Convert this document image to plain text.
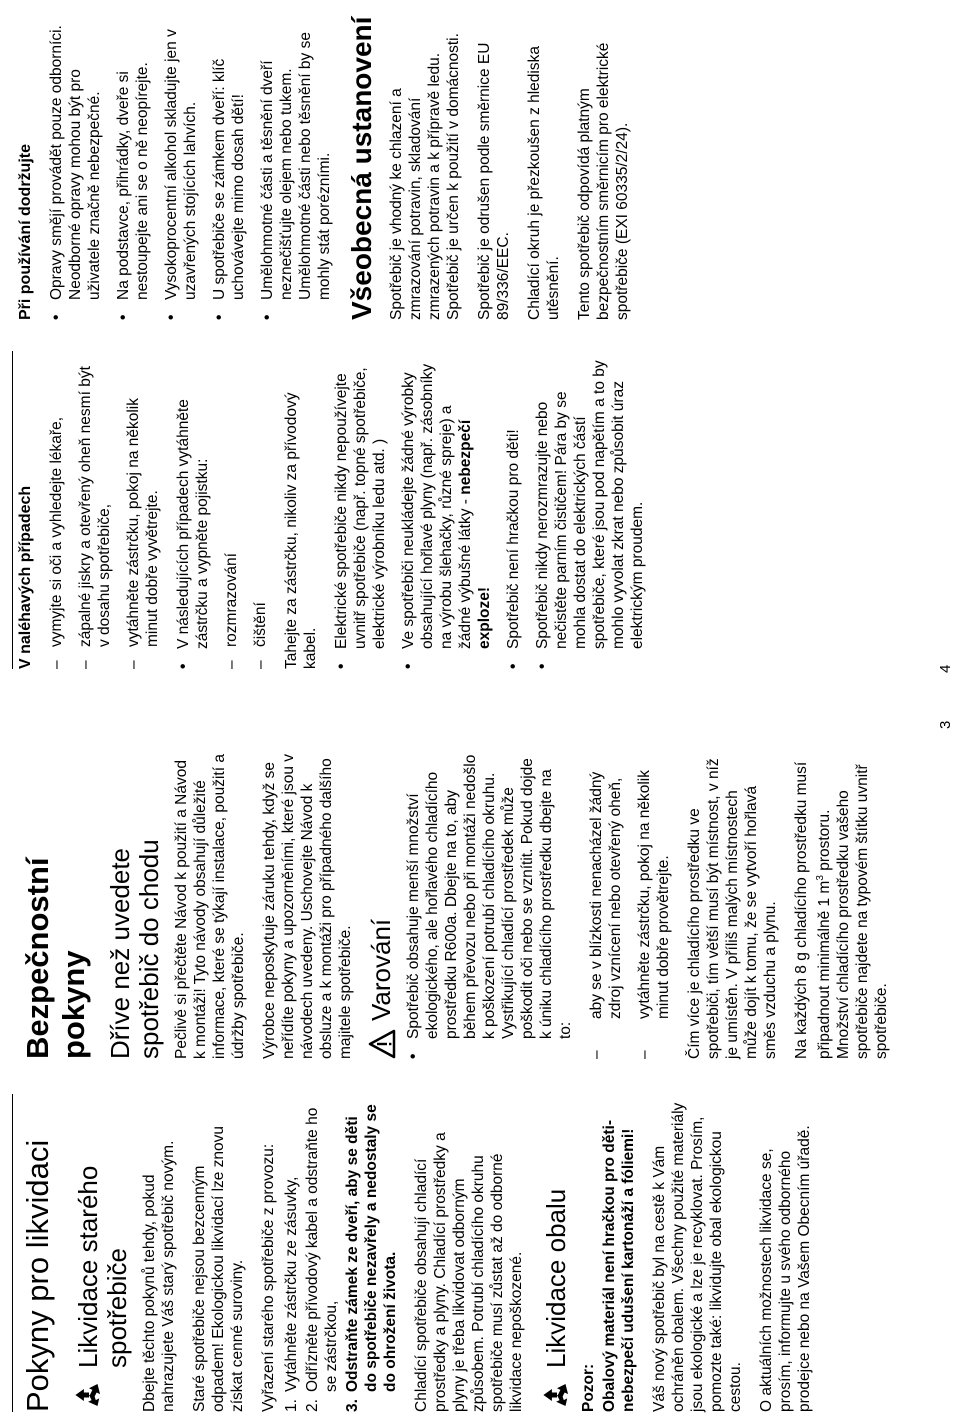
Pokyny pro likvidaci Likvidace starého spotřebiče Dbejte těchto pokynů tehdy, pokud nahrazujete Váš starý spotřebič novým. Staré spotřebiče nejsou bezcenným odpadem! Ekologickou likvidací lze znovu získat cenné suroviny. Vyřazení starého spotřebiče z provozu: 1.
Vytáhněte zástrčku ze zásuvky,
2.
Odřízněte přívodový kabel a odstraňte ho se zástrčkou,
3.
Odstraňte zámek ze dveří, aby se děti do spotřebiče nezavřely a nedostaly se do ohrožení života. Chladící spotřebiče obsahují chladící prostředky a plyny. Chladící prostředky a plyny je třeba likvidovat odborným způsobem. Potrubí chladícího okruhu spotřebiče musí zůstat až do odborné likvidace nepoškozené. Likvidace obalu

Pozor: Obalový materiál není hračkou pro děti-nebezpečí udušení kartonáží a fóliemi! Váš nový spotřebič byl na cestě k Vám ochráněn obalem. Všechny použité materiály jsou ekologické a lze je recyklovat. Prosím, pomozte také: likvidujte obal ekologickou cestou. O aktuálních možnostech likvidace se, prosím, informujte u svého odborného prodejce nebo na Vašem Obecním úřadě.

Bezpečnostní pokyny Dříve než uvedete spotřebič do chodu Pečlivě si přečtěte Návod k použití a Návod k montáži! Tyto návody obsahují důležité informace, které se týkají instalace, použití a údržby spotřebiče. Výrobce neposkytuje záruku tehdy, když se neřídíte pokyny a upozorněními, které jsou v návodech uvedeny. Uschovejte Návod k obsluze a k montáži pro případného dalšího majitele spotřebiče. Varování
•
Spotřebič obsahuje menší množství ekologického, ale hořlavého chladícího prostředku R600a. Dbejte na to, aby během převozu nebo při montáži nedošlo k poškození potrubí chladícího okruhu. Vystřikující chladící prostředek může poškodit oči nebo se vznítit. Pokud dojde k úniku chladícího prostředku dbejte na to:
–
aby se v blízkosti nenacházel žádný zdroj vznícení nebo otevřený oheň,
–
vytáhněte zástrčku, pokoj na několik minut dobře provětrejte. Čím více je chladícího prostředku ve spotřebiči, tím větší musí být místnost, v níž je umístěn. V příliš malých místnostech může dojít k tomu, že se vytvoří hořlavá směs vzduchu a plynu. Na každých 8 g chladícího prostředku musí připadnout minimálně 1 $m^3$ prostoru. Množství chladícího prostředku vašeho spotřebiče najdete na typovém štítku uvnitř spotřebiče.

3

V naléhavých případech –
vymyjte si oči a vyhledejte lékaře,
–
zápalné jiskry a otevřený oheň nesmí být v dosahu spotřebiče,
–
vytáhněte zástrčku, pokoj na několik minut dobře vyvětrejte.
•
V následujících případech vytáhněte zástrčku a vypněte pojistku:
–
rozmrazování
–
čištění Tahejte za zástrčku, nikoliv za přívodový kabel. •
Elektrické spotřebiče nikdy nepoužívejte uvnitř spotřebiče (např. topné spotřebiče, elektrické výrobníku ledu atd. )
•
Ve spotřebiči neukládejte žádné výrobky obsahující hořlavé plyny (např. zásobníky na výrobu šlehačky, různé spreje) a žádné výbušné látky - nebezpečí exploze!
•
Spotřebič není hračkou pro děti!
•
Spotřebič nikdy nerozmrazujte nebo nečistěte parním čističem! Pára by se mohla dostat do elektrických částí spotřebiče, které jsou pod napětím a to by mohlo vyvolat zkrat nebo způsobit úraz elektrickým proudem.

Při používání dodržujte •
Opravy smějí provádět pouze odborníci. Neodborné opravy mohou být pro uživatele značně nebezpečné.
•
Na podstavce, přihrádky, dveře si nestoupejte ani se o ně neopírejte.
•
Vysokoprocentní alkohol skladujte jen v uzavřených stojících lahvích.
•
U spotřebiče se zámkem dveří: klíč uchovávejte mimo dosah dětí!
•
Umělohmotné části a těsnění dveří neznečišťujte olejem nebo tukem. Umělohmotné části nebo těsnění by se mohly stát porézními. Všeobecná ustanovení Spotřebič je vhodný ke chlazení a zmrazování potravin, skladování zmrazených potravin a k přípravě ledu. Spotřebič je určen k použití v domácnosti. Spotřebič je odrušen podle směrnice EU 89/336/EEC. Chladící okruh je přezkoušen z hlediska utěsnění. Tento spotřebič odpovídá platným bezpečnostním směrnicím pro elektrické spotřebiče (EXI 60335/2/24).

4
